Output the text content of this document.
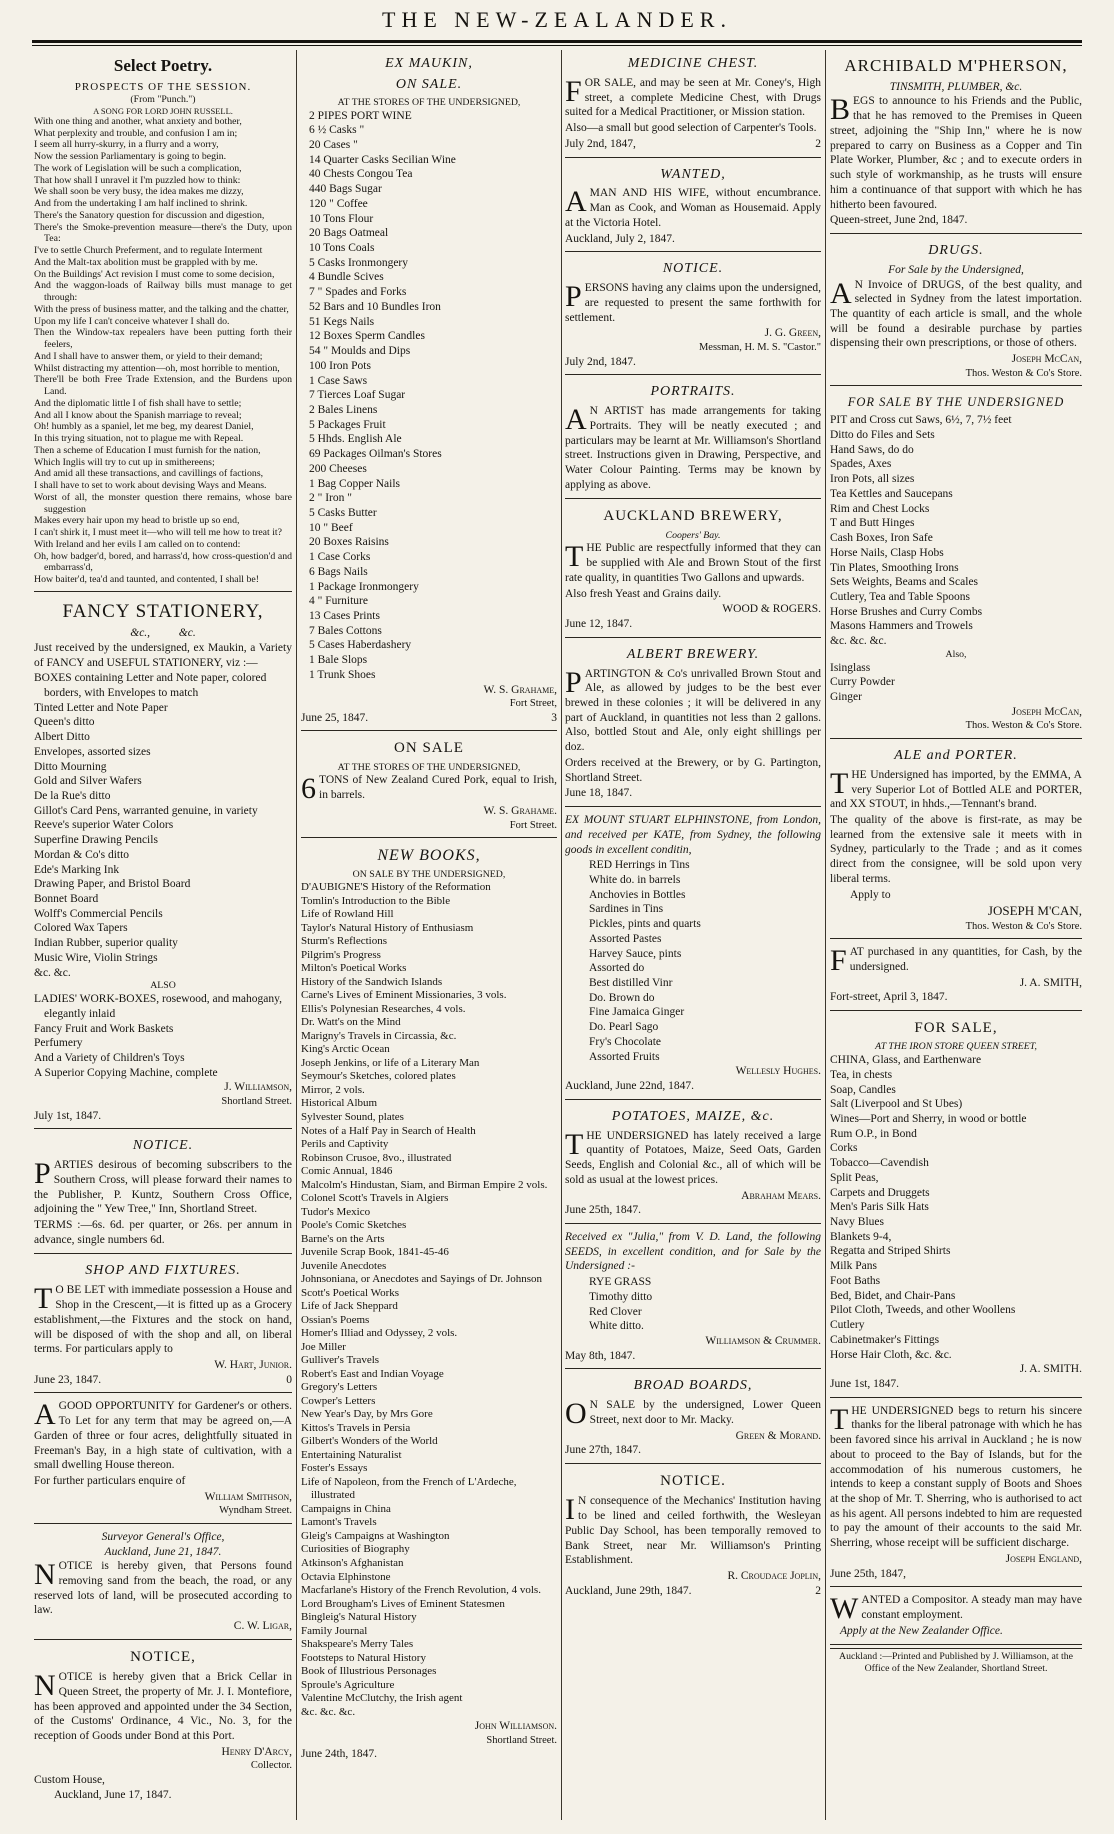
THE NEW-ZEALANDER.
Select Poetry.
PROSPECTS OF THE SESSION.
(From "Punch.")
A SONG FOR LORD JOHN RUSSELL.

With one thing and another, what anxiety and bother,

What perplexity and trouble, and confusion I am in;

I seem all hurry-skurry, in a flurry and a worry,

Now the session Parliamentary is going to begin.

The work of Legislation will be such a complication,

That how shall I unravel it I'm puzzled how to think:

We shall soon be very busy, the idea makes me dizzy,

And from the undertaking I am half inclined to shrink.

There's the Sanatory question for discussion and digestion,

There's the Smoke-prevention measure—there's the Duty, upon Tea:

I've to settle Church Preferment, and to regulate Interment

And the Malt-tax abolition must be grappled with by me.

On the Buildings' Act revision I must come to some decision,

And the waggon-loads of Railway bills must manage to get through:

With the press of business matter, and the talking and the chatter,

Upon my life I can't conceive whatever I shall do.

Then the Window-tax repealers have been putting forth their feelers,

And I shall have to answer them, or yield to their demand;

Whilst distracting my attention—oh, most horrible to mention,

There'll be both Free Trade Extension, and the Burdens upon Land.

And the diplomatic little I of fish shall have to settle;

And all I know about the Spanish marriage to reveal;

Oh! humbly as a spaniel, let me beg, my dearest Daniel,

In this trying situation, not to plague me with Repeal.

Then a scheme of Education I must furnish for the nation,

Which Inglis will try to cut up in smithereens;

And amid all these transactions, and cavillings of factions,

I shall have to set to work about devising Ways and Means.

Worst of all, the monster question there remains, whose bare suggestion

Makes every hair upon my head to bristle up so end,

I can't shirk it, I must meet it—who will tell me how to treat it?

With Ireland and her evils I am called on to contend:

Oh, how badger'd, bored, and harrass'd, how cross-question'd and embarrass'd,

How baiter'd, tea'd and taunted, and contented, I shall be!

FANCY STATIONERY,
&c.,          &c.

Just received by the undersigned, ex Maukin, a Variety of FANCY and USEFUL STATIONERY, viz :—

BOXES containing Letter and Note paper, colored borders, with Envelopes to match
Tinted Letter and Note Paper
Queen's ditto
Albert Ditto
Envelopes, assorted sizes
Ditto Mourning
Gold and Silver Wafers
De la Rue's ditto
Gillot's Card Pens, warranted genuine, in variety
Reeve's superior Water Colors
Superfine Drawing Pencils
Mordan & Co's ditto
Ede's Marking Ink
Drawing Paper, and Bristol Board
Bonnet Board
Wolff's Commercial Pencils
Colored Wax Tapers
Indian Rubber, superior quality
Music Wire, Violin Strings
&c. &c.
ALSO
LADIES' WORK-BOXES, rosewood, and mahogany, elegantly inlaid
Fancy Fruit and Work Baskets
Perfumery
And a Variety of Children's Toys
A Superior Copying Machine, complete
J. Williamson,
Shortland Street.
July 1st, 1847.
NOTICE.

PARTIES desirous of becoming subscribers to the Southern Cross, will please forward their names to the Publisher, P. Kuntz, Southern Cross Office, adjoining the " Yew Tree," Inn, Shortland Street.

TERMS :—6s. 6d. per quarter, or 26s. per annum in advance, single numbers 6d.

SHOP AND FIXTURES.

TO BE LET with immediate possession a House and Shop in the Crescent,—it is fitted up as a Grocery establishment,—the Fixtures and the stock on hand, will be disposed of with the shop and all, on liberal terms. For particulars apply to

W. Hart, Junior.
June 23, 1847.	0

AGOOD OPPORTUNITY for Gardener's or others. To Let for any term that may be agreed on,—A Garden of three or four acres, delightfully situated in Freeman's Bay, in a high state of cultivation, with a small dwelling House thereon.

For further particulars enquire of

William Smithson,
Wyndham Street.
Surveyor General's Office,
Auckland, June 21, 1847.

NOTICE is hereby given, that Persons found removing sand from the beach, the road, or any reserved lots of land, will be prosecuted according to law.

C. W. Ligar,
NOTICE,

NOTICE is hereby given that a Brick Cellar in Queen Street, the property of Mr. J. I. Montefiore, has been approved and appointed under the 34 Section, of the Customs' Ordinance, 4 Vic., No. 3, for the reception of Goods under Bond at this Port.

Henry D'Arcy,
Collector.
Custom House,
Auckland, June 17, 1847.
EX MAUKIN,
ON SALE.
AT THE STORES OF THE UNDERSIGNED,
2 PIPES PORT WINE
6 ½ Casks "
20 Cases "
14 Quarter Casks Secilian Wine
40 Chests Congou Tea
440 Bags Sugar
120 " Coffee
10 Tons Flour
20 Bags Oatmeal
10 Tons Coals
5 Casks Ironmongery
4 Bundle Scives
7 " Spades and Forks
52 Bars and 10 Bundles Iron
51 Kegs Nails
12 Boxes Sperm Candles
54 " Moulds and Dips
100 Iron Pots
1 Case Saws
7 Tierces Loaf Sugar
2 Bales Linens
5 Packages Fruit
5 Hhds. English Ale
69 Packages Oilman's Stores
200 Cheeses
1 Bag Copper Nails
2 " Iron "
5 Casks Butter
10 " Beef
20 Boxes Raisins
1 Case Corks
6 Bags Nails
1 Package Ironmongery
4 " Furniture
13 Cases Prints
7 Bales Cottons
5 Cases Haberdashery
1 Bale Slops
1 Trunk Shoes
W. S. Grahame,
Fort Street,
June 25, 1847.	3
ON SALE
AT THE STORES OF THE UNDERSIGNED,

6TONS of New Zealand Cured Pork, equal to Irish, in barrels.

W. S. Grahame.
Fort Street.
NEW BOOKS,
ON SALE BY THE UNDERSIGNED,
D'AUBIGNE'S History of the Reformation
Tomlin's Introduction to the Bible
Life of Rowland Hill
Taylor's Natural History of Enthusiasm
Sturm's Reflections
Pilgrim's Progress
Milton's Poetical Works
History of the Sandwich Islands
Carne's Lives of Eminent Missionaries, 3 vols.
Ellis's Polynesian Researches, 4 vols.
Dr. Watt's on the Mind
Marigny's Travels in Circassia, &c.
King's Arctic Ocean
Joseph Jenkins, or life of a Literary Man
Seymour's Sketches, colored plates
Mirror, 2 vols.
Historical Album
Sylvester Sound, plates
Notes of a Half Pay in Search of Health
Perils and Captivity
Robinson Crusoe, 8vo., illustrated
Comic Annual, 1846
Malcolm's Hindustan, Siam, and Birman Empire 2 vols.
Colonel Scott's Travels in Algiers
Tudor's Mexico
Poole's Comic Sketches
Barne's on the Arts
Juvenile Scrap Book, 1841-45-46
Juvenile Anecdotes
Johnsoniana, or Anecdotes and Sayings of Dr. Johnson
Scott's Poetical Works
Life of Jack Sheppard
Ossian's Poems
Homer's Illiad and Odyssey, 2 vols.
Joe Miller
Gulliver's Travels
Robert's East and Indian Voyage
Gregory's Letters
Cowper's Letters
New Year's Day, by Mrs Gore
Kittos's Travels in Persia
Gilbert's Wonders of the World
Entertaining Naturalist
Foster's Essays
Life of Napoleon, from the French of L'Ardeche, illustrated
Campaigns in China
Lamont's Travels
Gleig's Campaigns at Washington
Curiosities of Biography
Atkinson's Afghanistan
Octavia Elphinstone
Macfarlane's History of the French Revolution, 4 vols.
Lord Brougham's Lives of Eminent Statesmen
Bingleig's Natural History
Family Journal
Shakspeare's Merry Tales
Footsteps to Natural History
Book of Illustrious Personages
Sproule's Agriculture
Valentine McClutchy, the Irish agent
&c. &c. &c.
John Williamson.
Shortland Street.
June 24th, 1847.
MEDICINE CHEST.

FOR SALE, and may be seen at Mr. Coney's, High street, a complete Medicine Chest, with Drugs suited for a Medical Practitioner, or Mission station.

Also—a small but good selection of Carpenter's Tools.

July 2nd, 1847,	2
WANTED,

AMAN AND HIS WIFE, without encumbrance. Man as Cook, and Woman as Housemaid. Apply at the Victoria Hotel.

Auckland, July 2, 1847.
NOTICE.

PERSONS having any claims upon the undersigned, are requested to present the same forthwith for settlement.

J. G. Green,
Messman, H. M. S. "Castor."
July 2nd, 1847.
PORTRAITS.

AN ARTIST has made arrangements for taking Portraits. They will be neatly executed ; and particulars may be learnt at Mr. Williamson's Shortland street. Instructions given in Drawing, Perspective, and Water Colour Painting. Terms may be known by applying as above.

AUCKLAND BREWERY,
Coopers' Bay.

THE Public are respectfully informed that they can be supplied with Ale and Brown Stout of the first rate quality, in quantities Two Gallons and upwards.

Also fresh Yeast and Grains daily.

WOOD & ROGERS.
June 12, 1847.
ALBERT BREWERY.

PARTINGTON & Co's unrivalled Brown Stout and Ale, as allowed by judges to be the best ever brewed in these colonies ; it will be delivered in any part of Auckland, in quantities not less than 2 gallons. Also, bottled Stout and Ale, only eight shillings per doz.

Orders received at the Brewery, or by G. Partington, Shortland Street.

June 18, 1847.

EX MOUNT STUART ELPHINSTONE, from London, and received per KATE, from Sydney, the following goods in excellent conditin,

RED Herrings in Tins
White do. in barrels
Anchovies in Bottles
Sardines in Tins
Pickles, pints and quarts
Assorted Pastes
Harvey Sauce, pints
Assorted do
Best distilled Vinr
Do. Brown do
Fine Jamaica Ginger
Do. Pearl Sago
Fry's Chocolate
Assorted Fruits
Wellesly Hughes.
Auckland, June 22nd, 1847.
POTATOES, MAIZE, &c.

THE UNDERSIGNED has lately received a large quantity of Potatoes, Maize, Seed Oats, Garden Seeds, English and Colonial &c., all of which will be sold as usual at the lowest prices.

Abraham Mears.
June 25th, 1847.

Received ex "Julia," from V. D. Land, the following SEEDS, in excellent condition, and for Sale by the Undersigned :-

RYE GRASS
Timothy ditto
Red Clover
White ditto.
Williamson & Crummer.
May 8th, 1847.
BROAD BOARDS,

ON SALE by the undersigned, Lower Queen Street, next door to Mr. Macky.

Green & Morand.
June 27th, 1847.
NOTICE.

IN consequence of the Mechanics' Institution having to be lined and ceiled forthwith, the Wesleyan Public Day School, has been temporally removed to Bank Street, near Mr. Williamson's Printing Establishment.

R. Croudace Joplin,
Auckland, June 29th, 1847.	2
ARCHIBALD M'PHERSON,
TINSMITH, PLUMBER, &c.

BEGS to announce to his Friends and the Public, that he has removed to the Premises in Queen street, adjoining the "Ship Inn," where he is now prepared to carry on Business as a Copper and Tin Plate Worker, Plumber, &c ; and to execute orders in such style of workmanship, as he trusts will ensure him a continuance of that support with which he has hitherto been favoured.

Queen-street, June 2nd, 1847.
DRUGS.
For Sale by the Undersigned,

AN Invoice of DRUGS, of the best quality, and selected in Sydney from the latest importation. The quantity of each article is small, and the whole will be found a desirable purchase by parties dispensing their own prescriptions, or those of others.

Joseph McCan,
Thos. Weston & Co's Store.
FOR SALE BY THE UNDERSIGNED
PIT and Cross cut Saws, 6½, 7, 7½ feet
Ditto do Files and Sets
Hand Saws, do do
Spades, Axes
Iron Pots, all sizes
Tea Kettles and Saucepans
Rim and Chest Locks
T and Butt Hinges
Cash Boxes, Iron Safe
Horse Nails, Clasp Hobs
Tin Plates, Smoothing Irons
Sets Weights, Beams and Scales
Cutlery, Tea and Table Spoons
Horse Brushes and Curry Combs
Masons Hammers and Trowels
&c. &c. &c.
Also,
Isinglass
Curry Powder
Ginger
Joseph McCan,
Thos. Weston & Co's Store.
ALE and PORTER.

THE Undersigned has imported, by the EMMA, A very Superior Lot of Bottled ALE and PORTER, and XX STOUT, in hhds.,—Tennant's brand.

The quality of the above is first-rate, as may be learned from the extensive sale it meets with in Sydney, particularly to the Trade ; and as it comes direct from the consignee, will be sold upon very liberal terms.

Apply to

JOSEPH M'CAN,
Thos. Weston & Co's Store.

FAT purchased in any quantities, for Cash, by the undersigned.

J. A. SMITH,
Fort-street, April 3, 1847.
FOR SALE,
AT THE IRON STORE QUEEN STREET,
CHINA, Glass, and Earthenware
Tea, in chests
Soap, Candles
Salt (Liverpool and St Ubes)
Wines—Port and Sherry, in wood or bottle
Rum O.P., in Bond
Corks
Tobacco—Cavendish
Split Peas,
Carpets and Druggets
Men's Paris Silk Hats
Navy Blues
Blankets 9-4,
Regatta and Striped Shirts
Milk Pans
Foot Baths
Bed, Bidet, and Chair-Pans
Pilot Cloth, Tweeds, and other Woollens
Cutlery
Cabinetmaker's Fittings
Horse Hair Cloth, &c. &c.
J. A. SMITH.
June 1st, 1847.

THE UNDERSIGNED begs to return his sincere thanks for the liberal patronage with which he has been favored since his arrival in Auckland ; he is now about to proceed to the Bay of Islands, but for the accommodation of his numerous customers, he intends to keep a constant supply of Boots and Shoes at the shop of Mr. T. Sherring, who is authorised to act as his agent. All persons indebted to him are requested to pay the amount of their accounts to the said Mr. Sherring, whose receipt will be sufficient discharge.

Joseph England,
June 25th, 1847,

WANTED a Compositor. A steady man may have constant employment.

Apply at the New Zealander Office.

Auckland :—Printed and Published by J. Williamson, at the Office of the New Zealander, Shortland Street.
